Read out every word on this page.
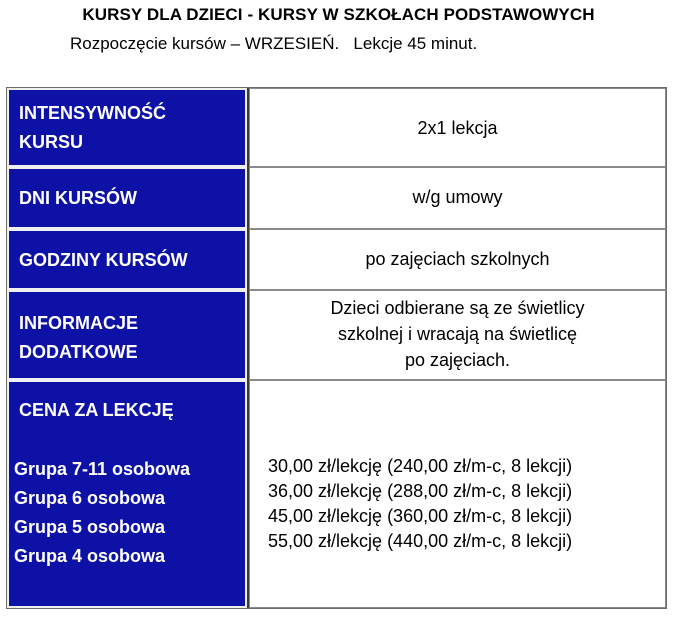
KURSY DLA DZIECI - KURSY W SZKOŁACH PODSTAWOWYCH
Rozpoczęcie kursów – WRZESIEŃ.   Lekcje 45 minut.
INTENSYWNOŚĆ
KURSU
2x1 lekcja
DNI KURSÓW	w/g umowy
GODZINY KURSÓW	po zajęciach szkolnych
INFORMACJE
DODATKOWE
Dzieci odbierane są ze świetlicy
szkolnej i wracają na świetlicę
po zajęciach.
CENA ZA LEKCJĘ
Grupa 7-11 osobowa
Grupa 6 osobowa
Grupa 5 osobowa
Grupa 4 osobowa
30,00 zł/lekcję (240,00 zł/m-c, 8 lekcji)
36,00 zł/lekcję (288,00 zł/m-c, 8 lekcji)
45,00 zł/lekcję (360,00 zł/m-c, 8 lekcji)
55,00 zł/lekcję (440,00 zł/m-c, 8 lekcji)
